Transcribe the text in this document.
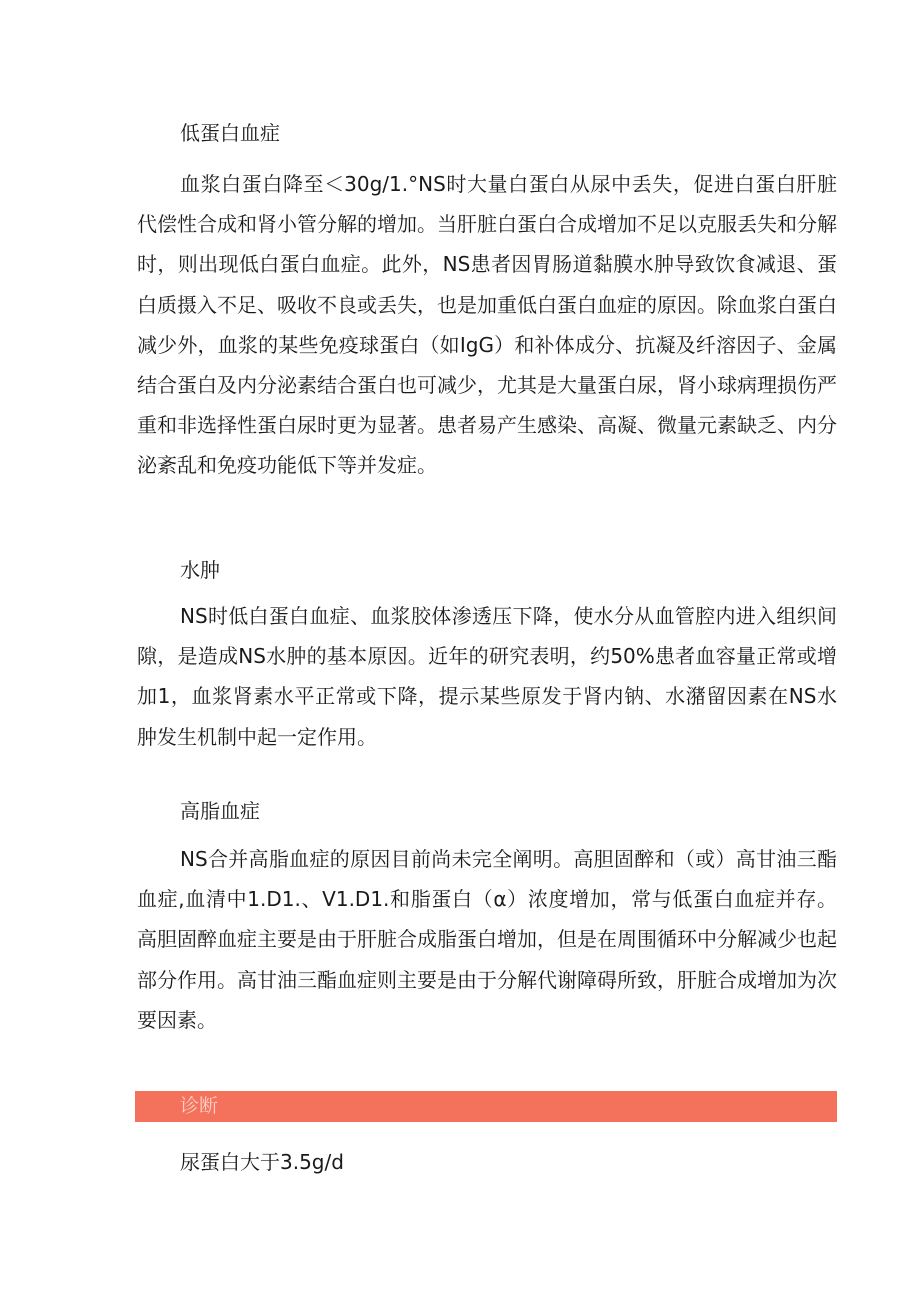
低蛋白血症

血浆白蛋白降至＜30g/1.°NS时大量白蛋白从尿中丢失，促进白蛋白肝脏代偿性合成和肾小管分解的增加。当肝脏白蛋白合成增加不足以克服丢失和分解时，则出现低白蛋白血症。此外，NS患者因胃肠道黏膜水肿导致饮食减退、蛋白质摄入不足、吸收不良或丢失，也是加重低白蛋白血症的原因。除血浆白蛋白减少外，血浆的某些免疫球蛋白（如IgG）和补体成分、抗凝及纤溶因子、金属结合蛋白及内分泌素结合蛋白也可减少，尤其是大量蛋白尿，肾小球病理损伤严重和非选择性蛋白尿时更为显著。患者易产生感染、高凝、微量元素缺乏、内分泌紊乱和免疫功能低下等并发症。

水肿

NS时低白蛋白血症、血浆胶体渗透压下降，使水分从血管腔内进入组织间隙，是造成NS水肿的基本原因。近年的研究表明，约50%患者血容量正常或增加1，血浆肾素水平正常或下降，提示某些原发于肾内钠、水潴留因素在NS水肿发生机制中起一定作用。

高脂血症

NS合并高脂血症的原因目前尚未完全阐明。高胆固醉和（或）高甘油三酯血症,血清中1.D1.、V1.D1.和脂蛋白（α）浓度增加，常与低蛋白血症并存。高胆固醉血症主要是由于肝脏合成脂蛋白增加，但是在周围循环中分解减少也起部分作用。高甘油三酯血症则主要是由于分解代谢障碍所致，肝脏合成增加为次要因素。

诊断
尿蛋白大于3.5g/d
